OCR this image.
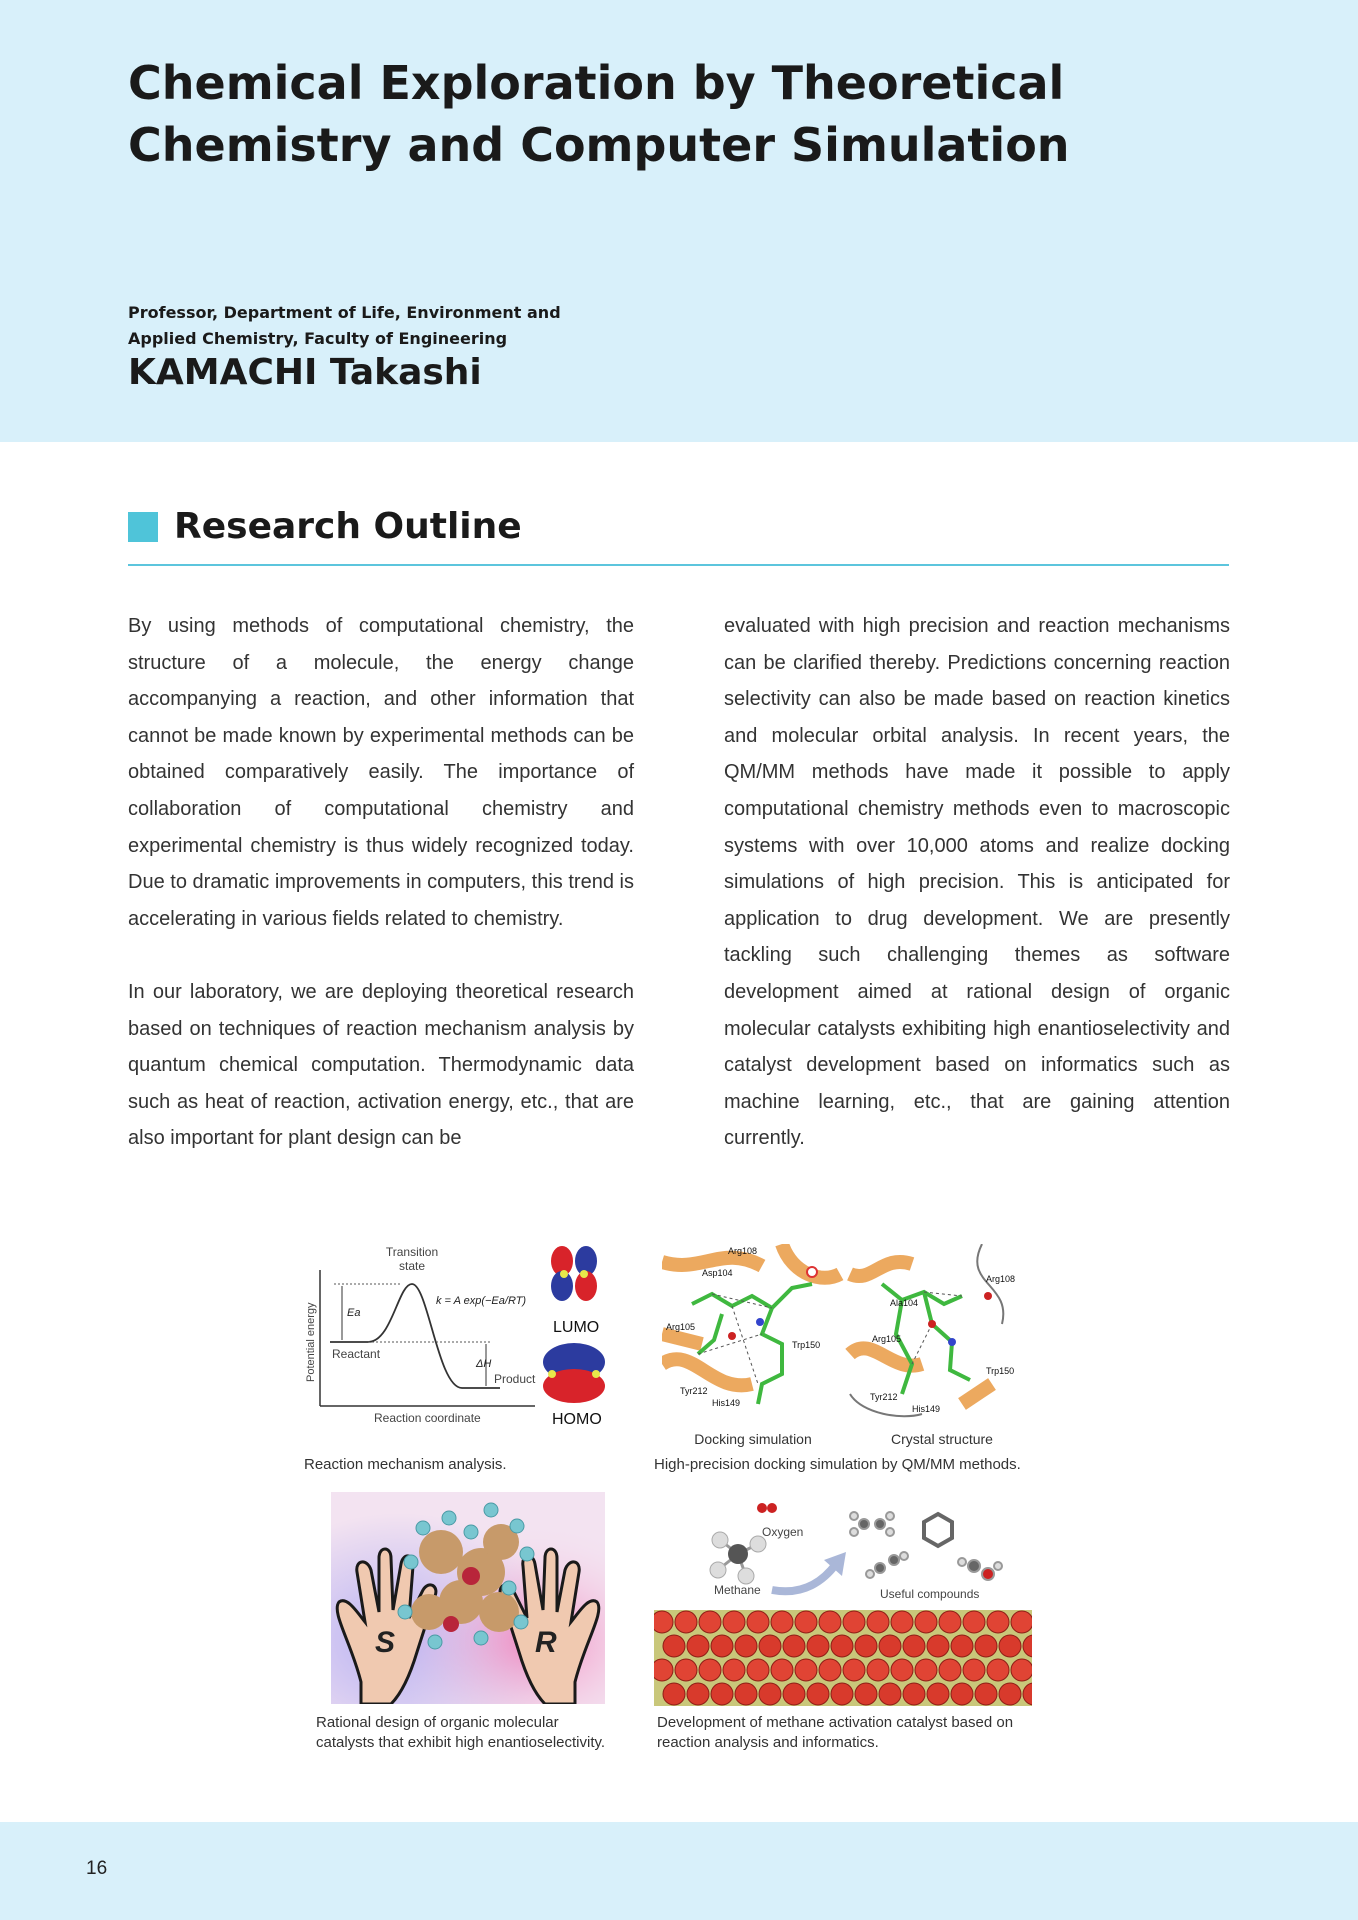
Chemical Exploration by Theoretical
Chemistry and Computer Simulation

Professor, Department of Life, Environment and
Applied Chemistry, Faculty of Engineering

KAMACHI Takashi
Research Outline

By using methods of computational chemistry, the structure of a molecule, the energy change accompanying a reaction, and other information that cannot be made known by experimental methods can be obtained comparatively easily. The importance of collaboration of computational chemistry and experimental chemistry is thus widely recognized today. Due to dramatic improvements in computers, this trend is accelerating in various fields related to chemistry.

In our laboratory, we are deploying theoretical research based on techniques of reaction mechanism analysis by quantum chemical computation. Thermodynamic data such as heat of reaction, activation energy, etc., that are also important for plant design can be

evaluated with high precision and reaction mechanisms can be clarified thereby. Predictions concerning reaction selectivity can also be made based on reaction kinetics and molecular orbital analysis. In recent years, the QM/MM methods have made it possible to apply computational chemistry methods even to macroscopic systems with over 10,000 atoms and realize docking simulations of high precision. This is anticipated for application to drug development. We are presently tackling such challenging themes as software development aimed at rational design of organic molecular catalysts exhibiting high enantioselectivity and catalyst development based on informatics such as machine learning, etc., that are gaining attention currently.

Transition
state
k = A exp(−Ea/RT)
Ea
ΔH
Reactant
Product
Potential energy
Reaction coordinate
LUMO
HOMO
Reaction mechanism analysis.
Arg108
Asp104
Arg105
Trp150
Tyr212
His149
Ala104
Arg108
Arg105
Trp150
Tyr212
His149
Docking simulation	Crystal structure
High-precision docking simulation by QM/MM methods.
S	R
Rational design of organic molecular
catalysts that exhibit high enantioselectivity.
Oxygen
Methane	Useful compounds
Development of methane activation catalyst based on
reaction analysis and informatics.
16
